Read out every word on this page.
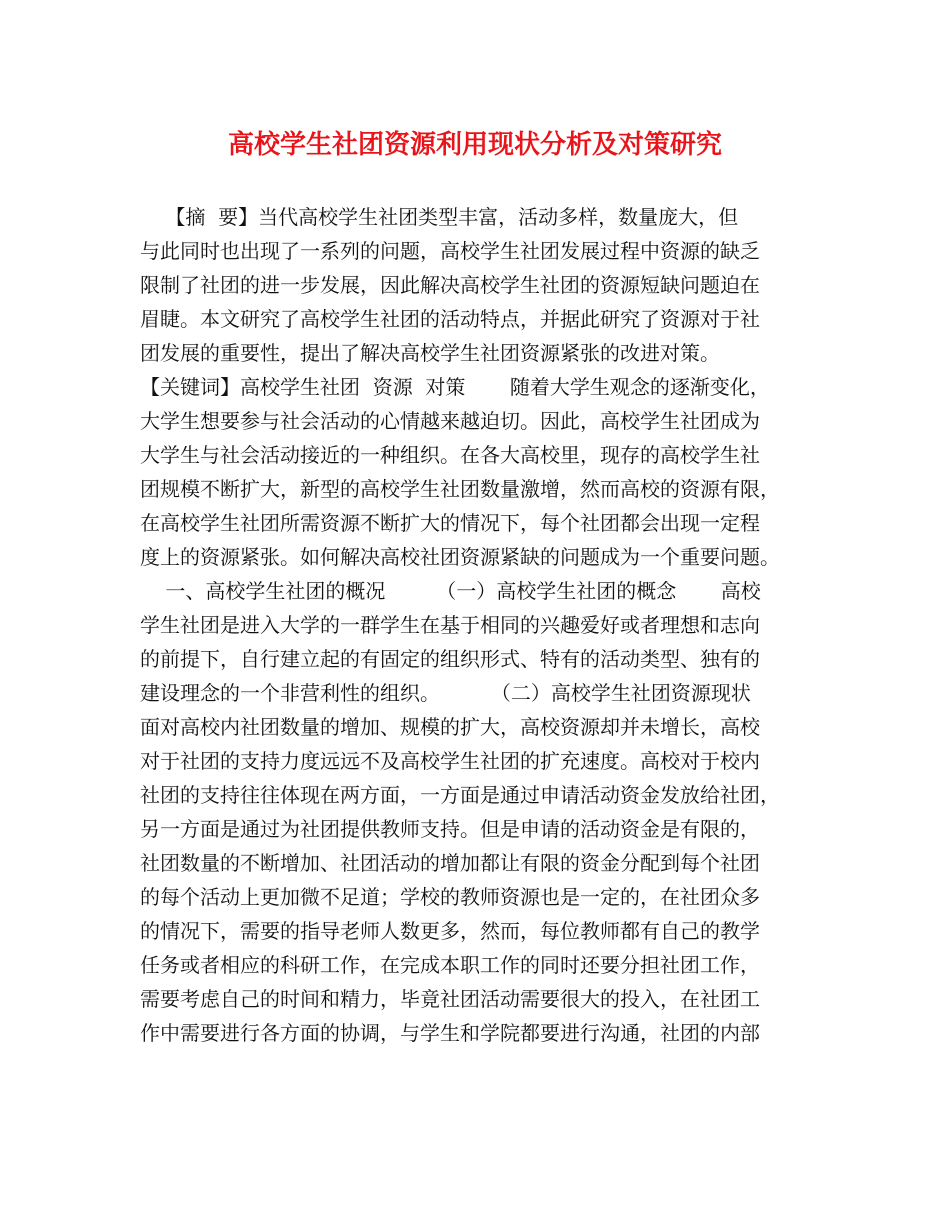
高校学生社团资源利用现状分析及对策研究
【摘  要】当代高校学生社团类型丰富，活动多样，数量庞大，但
与此同时也出现了一系列的问题，高校学生社团发展过程中资源的缺乏
限制了社团的进一步发展，因此解决高校学生社团的资源短缺问题迫在
眉睫。本文研究了高校学生社团的活动特点，并据此研究了资源对于社
团发展的重要性，提出了解决高校学生社团资源紧张的改进对策。
【关键词】高校学生社团  资源  对策       随着大学生观念的逐渐变化，
大学生想要参与社会活动的心情越来越迫切。因此，高校学生社团成为
大学生与社会活动接近的一种组织。在各大高校里，现存的高校学生社
团规模不断扩大，新型的高校学生社团数量激增，然而高校的资源有限，
在高校学生社团所需资源不断扩大的情况下，每个社团都会出现一定程
度上的资源紧张。如何解决高校社团资源紧缺的问题成为一个重要问题。
一、高校学生社团的概况        （一）高校学生社团的概念       高校
学生社团是进入大学的一群学生在基于相同的兴趣爱好或者理想和志向
的前提下，自行建立起的有固定的组织形式、特有的活动类型、独有的
建设理念的一个非营利性的组织。        （二）高校学生社团资源现状
面对高校内社团数量的增加、规模的扩大，高校资源却并未增长，高校
对于社团的支持力度远远不及高校学生社团的扩充速度。高校对于校内
社团的支持往往体现在两方面，一方面是通过申请活动资金发放给社团，
另一方面是通过为社团提供教师支持。但是申请的活动资金是有限的，
社团数量的不断增加、社团活动的增加都让有限的资金分配到每个社团
的每个活动上更加微不足道；学校的教师资源也是一定的，在社团众多
的情况下，需要的指导老师人数更多，然而，每位教师都有自己的教学
任务或者相应的科研工作，在完成本职工作的同时还要分担社团工作，
需要考虑自己的时间和精力，毕竟社团活动需要很大的投入，在社团工
作中需要进行各方面的协调，与学生和学院都要进行沟通，社团的内部
